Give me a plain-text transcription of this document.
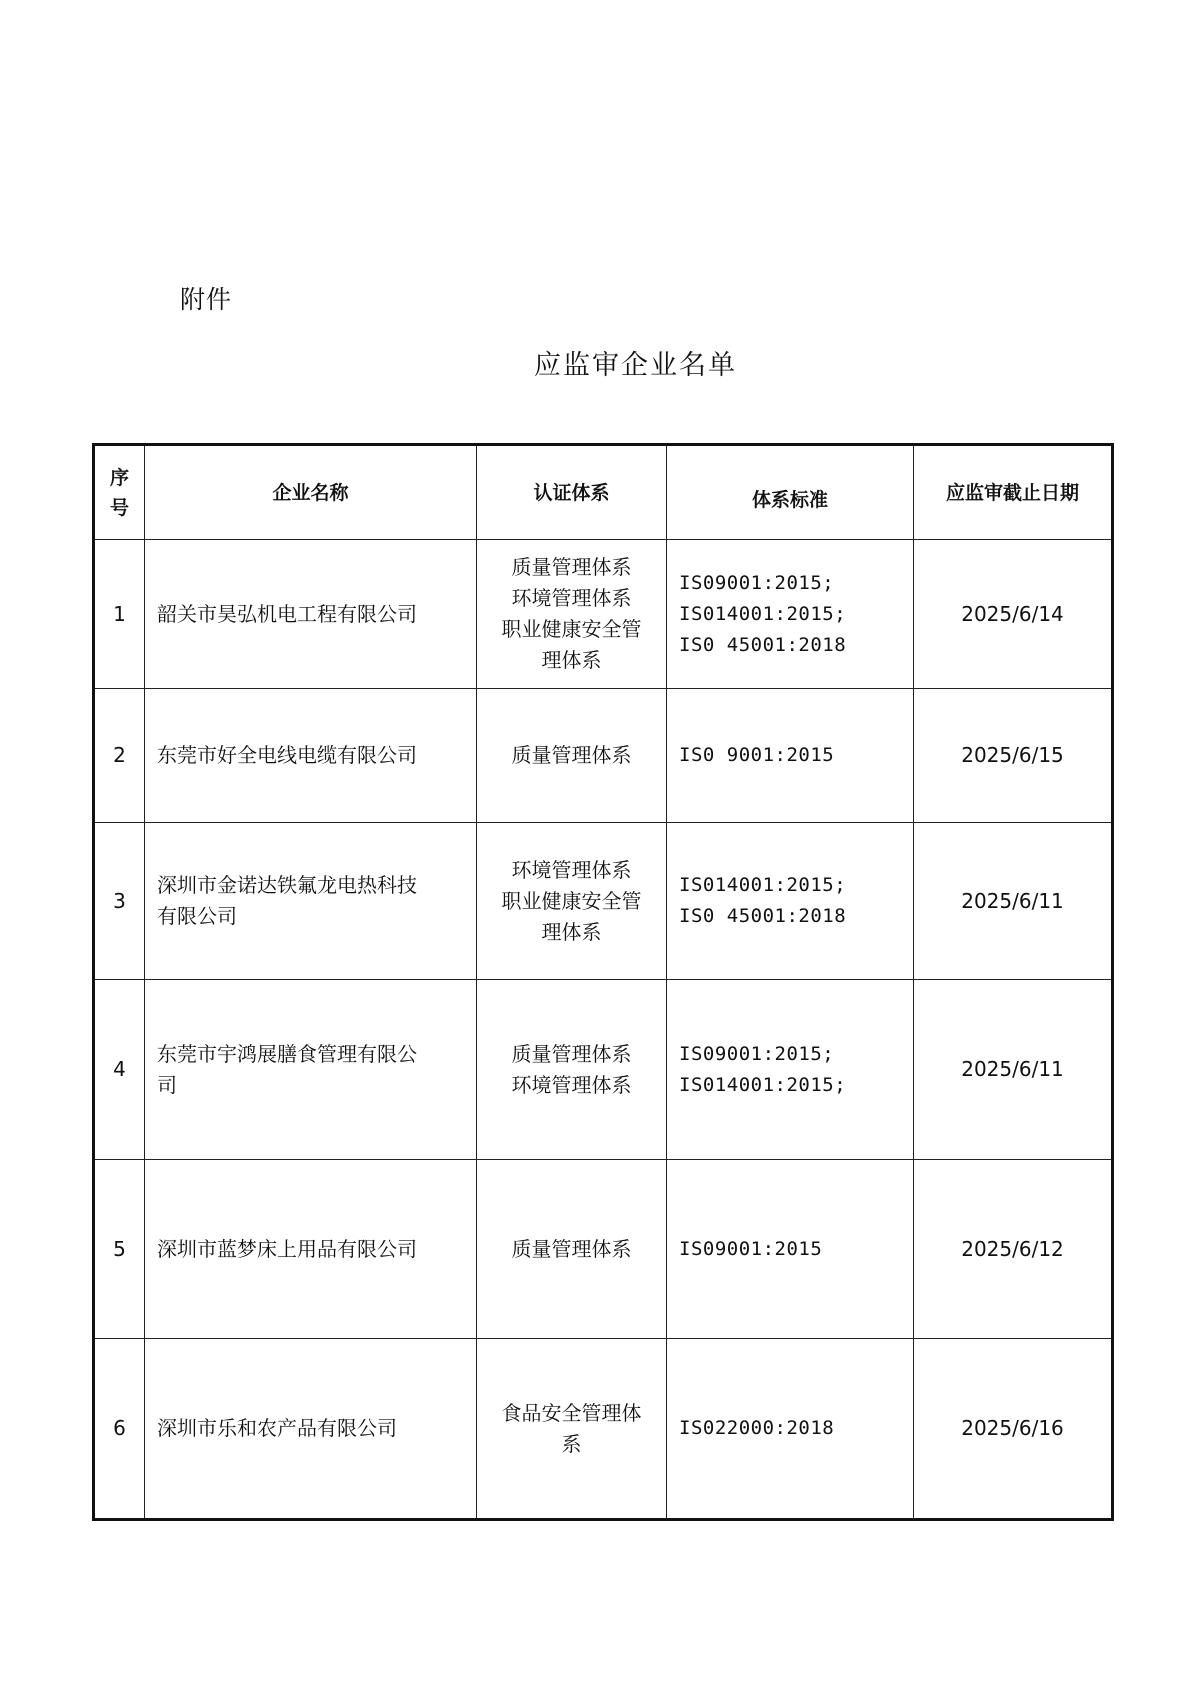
附件
应监审企业名单
序
号	企业名称	认证体系	体系标准	应监审截止日期
1	韶关市昊弘机电工程有限公司	质量管理体系
环境管理体系
职业健康安全管
理体系	IS09001:2015;
IS014001:2015;
IS0 45001:2018	2025/6/14
2	东莞市好全电线电缆有限公司	质量管理体系	IS0 9001:2015	2025/6/15
3	深圳市金诺达铁氟龙电热科技
有限公司	环境管理体系
职业健康安全管
理体系	IS014001:2015;
IS0 45001:2018	2025/6/11
4	东莞市宇鸿展膳食管理有限公
司	质量管理体系
环境管理体系	IS09001:2015;
IS014001:2015;	2025/6/11
5	深圳市蓝梦床上用品有限公司	质量管理体系	IS09001:2015	2025/6/12
6	深圳市乐和农产品有限公司	食品安全管理体
系	IS022000:2018	2025/6/16
